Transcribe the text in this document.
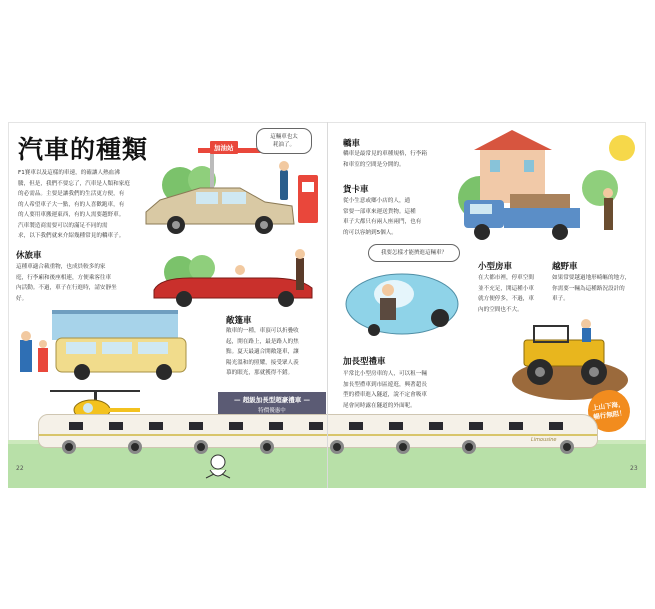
汽車的種類
F1賽車以及這樣的車速，的確讓人熱血沸
騰，但是，我們不要忘了，汽車是人類和家庭
的必需品。主要是讓我們的生活更方便，有
的人希望車子大一點，有的人喜歡跑車，有
的人要用車搬運東西，有的人需要越野車。
汽車製造商需要可以的滿足不同的需
求，以下我們就來介紹幾種常見的轎車子。
加油站
這輛車也太
耗油了。	轎車
轎車是最常見的車種規格，行李箱
和車室的空間是分開的。
貨卡車
從小生意或鄉小店的人，通
常要一部車來運送貨物。這種
車子大都只有兩人座兩門，也有
的可以容納到5個人。
休旅車
這種車適合載重物，也成員較多的家
庭，行李廂和後座相連，方便乘客往車
內活動。不過，車子在行進時，請安靜坐
好。
敞篷車
敞車的一種，車頂可以折疊收
起，開在路上，最是路人的焦
點。夏天最適合開敞篷車，讓
陽光溫和的照耀，接受眾人羨
慕的眼光，那就獲得不錯。
— 超級加長型超豪禮車 —
特價優惠中
我要怎樣才能擠進這輛車？
小型房車
在大都市裡，停車空間
並不充足，開這種小車
就方便停多，不過，車
內的空間也不大。
越野車
如果常要越過地形崎嶇的地方，
你需要一輛為這種路況設計的
車子。
加長型禮車
平常比小型房車的人，可以租一輛
加長型禮車到市區遊逛，興著超長
型的禮車進入隧道，說不定會吸車
尾會同時露在隧道的外面呢。	上山下海，
暢行無阻！
Limousine
22	23
